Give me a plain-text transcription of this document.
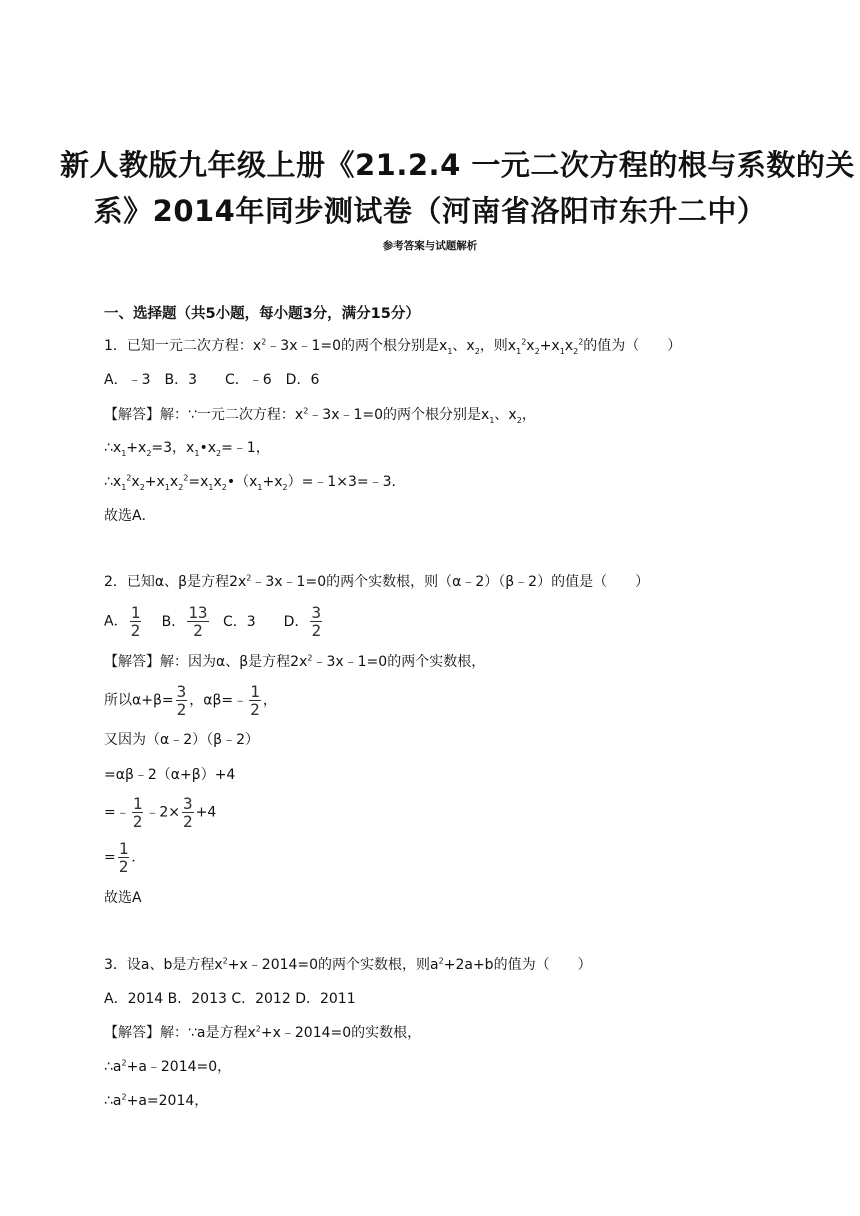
新人教版九年级上册《21.2.4 一元二次方程的根与系数的关
系》2014年同步测试卷（河南省洛阳市东升二中）
参考答案与试题解析
一、选择题（共5小题，每小题3分，满分15分）
1．已知一元二次方程：$x^2﹣3x﹣1=0$的两个根分别是$x_1$、$x_2$，则$x_1^2x_2+x_1x_2^2$的值为（　　）
A．﹣3　B．3　　C．﹣6　D．6
【解答】解：∵一元二次方程：$x^2﹣3x﹣1=0$的两个根分别是$x_1$、$x_2$，
$\therefore x_1+x_2=3$，$x_1•x_2=﹣1$，
$\therefore x_1^2x_2+x_1x_2^2=x_1x_2•(x_1+x_2)=﹣1\times 3=﹣3$．
故选A．
2．已知α、β是方程$2x^2﹣3x﹣1=0$的两个实数根，则（α﹣2）（β﹣2）的值是（　　）
A． $\frac{1}{2}$ B． $\frac{13}{2}$ C．3　　D． $\frac{3}{2}$
【解答】解：因为α、β是方程$2x^2﹣3x﹣1=0$的两个实数根，
所以$\alpha+\beta= \frac{3}{2}$ ，αβ=﹣ $\frac{1}{2}$ ，
又因为（α﹣2）（β﹣2）
=αβ﹣2（α+β）+4
=﹣ $\frac{1}{2}$ ﹣2× $\frac{3}{2} +4$
= $\frac{1}{2}$ ．
故选A
3．设a、b是方程$x^2+x﹣2014=0$的两个实数根，则$a^2+2a+b$的值为（　　）
A．2014 B．2013 C．2012 D．2011
【解答】解：∵a是方程$x^2+x﹣2014=0$的实数根，
$\therefore a^2+a﹣2014=0$，
$\therefore a^2+a=2014$，
